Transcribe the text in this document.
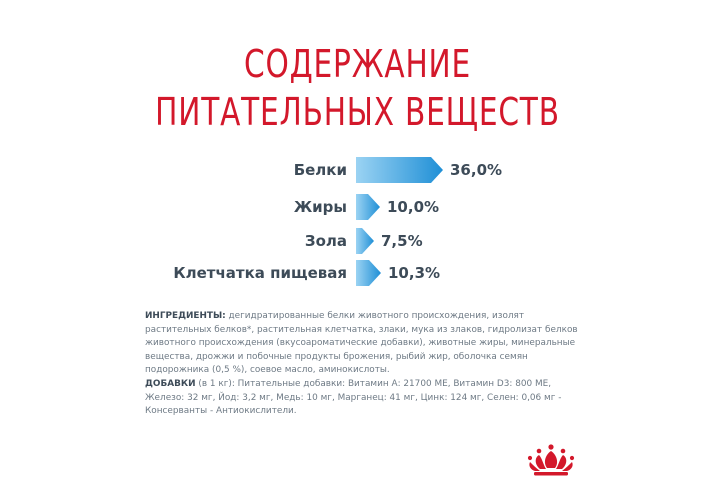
СОДЕРЖАНИЕ
ПИТАТЕЛЬНЫХ ВЕЩЕСТВ
Белки	36,0%
Жиры	10,0%
Зола 7,5%
Клетчатка пищевая	10,3%
ИНГРЕДИЕНТЫ: дегидратированные белки животного происхождения, изолят растительных белков*, растительная клетчатка, злаки, мука из злаков, гидролизат белков животного происхождения (вкусоароматические добавки), животные жиры, минеральные вещества, дрожжи и побочные продукты брожения, рыбий жир, оболочка семян подорожника (0,5 %), соевое масло, аминокислоты.
ДОБАВКИ (в 1 кг): Питательные добавки: Витамин А: 21700 МЕ, Витамин D3: 800 МЕ, Железо: 32 мг, Йод: 3,2 мг, Медь: 10 мг, Марганец: 41 мг, Цинк: 124 мг, Селен: 0,06 мг - Консерванты - Антиокислители.
